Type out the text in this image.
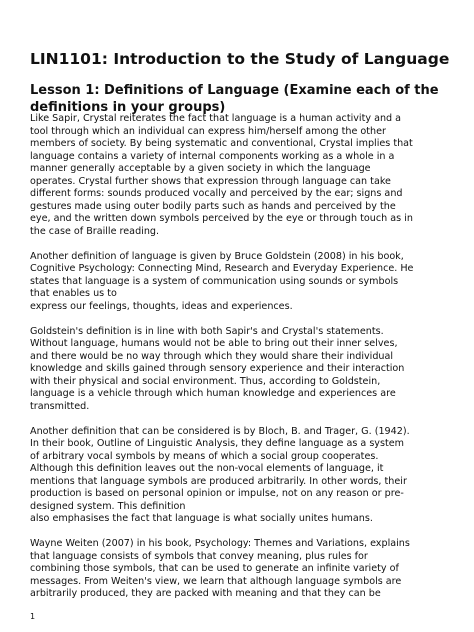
LIN1101: Introduction to the Study of Language
Lesson 1: Definitions of Language (Examine each of the
definitions in your groups)
Like Sapir, Crystal reiterates the fact that language is a human activity and a
tool through which an individual can express him/herself among the other
members of society. By being systematic and conventional, Crystal implies that
language contains a variety of internal components working as a whole in a
manner generally acceptable by a given society in which the language
operates. Crystal further shows that expression through language can take
different forms: sounds produced vocally and perceived by the ear; signs and
gestures made using outer bodily parts such as hands and perceived by the
eye, and the written down symbols perceived by the eye or through touch as in
the case of Braille reading.
Another definition of language is given by Bruce Goldstein (2008) in his book,
Cognitive Psychology: Connecting Mind, Research and Everyday Experience. He
states that language is a system of communication using sounds or symbols
that enables us to
express our feelings, thoughts, ideas and experiences.
Goldstein's definition is in line with both Sapir's and Crystal's statements.
Without language, humans would not be able to bring out their inner selves,
and there would be no way through which they would share their individual
knowledge and skills gained through sensory experience and their interaction
with their physical and social environment. Thus, according to Goldstein,
language is a vehicle through which human knowledge and experiences are
transmitted.
Another definition that can be considered is by Bloch, B. and Trager, G. (1942).
In their book, Outline of Linguistic Analysis, they define language as a system
of arbitrary vocal symbols by means of which a social group cooperates.
Although this definition leaves out the non-vocal elements of language, it
mentions that language symbols are produced arbitrarily. In other words, their
production is based on personal opinion or impulse, not on any reason or pre-
designed system. This definition
also emphasises the fact that language is what socially unites humans.
Wayne Weiten (2007) in his book, Psychology: Themes and Variations, explains
that language consists of symbols that convey meaning, plus rules for
combining those symbols, that can be used to generate an infinite variety of
messages. From Weiten's view, we learn that although language symbols are
arbitrarily produced, they are packed with meaning and that they can be
1
